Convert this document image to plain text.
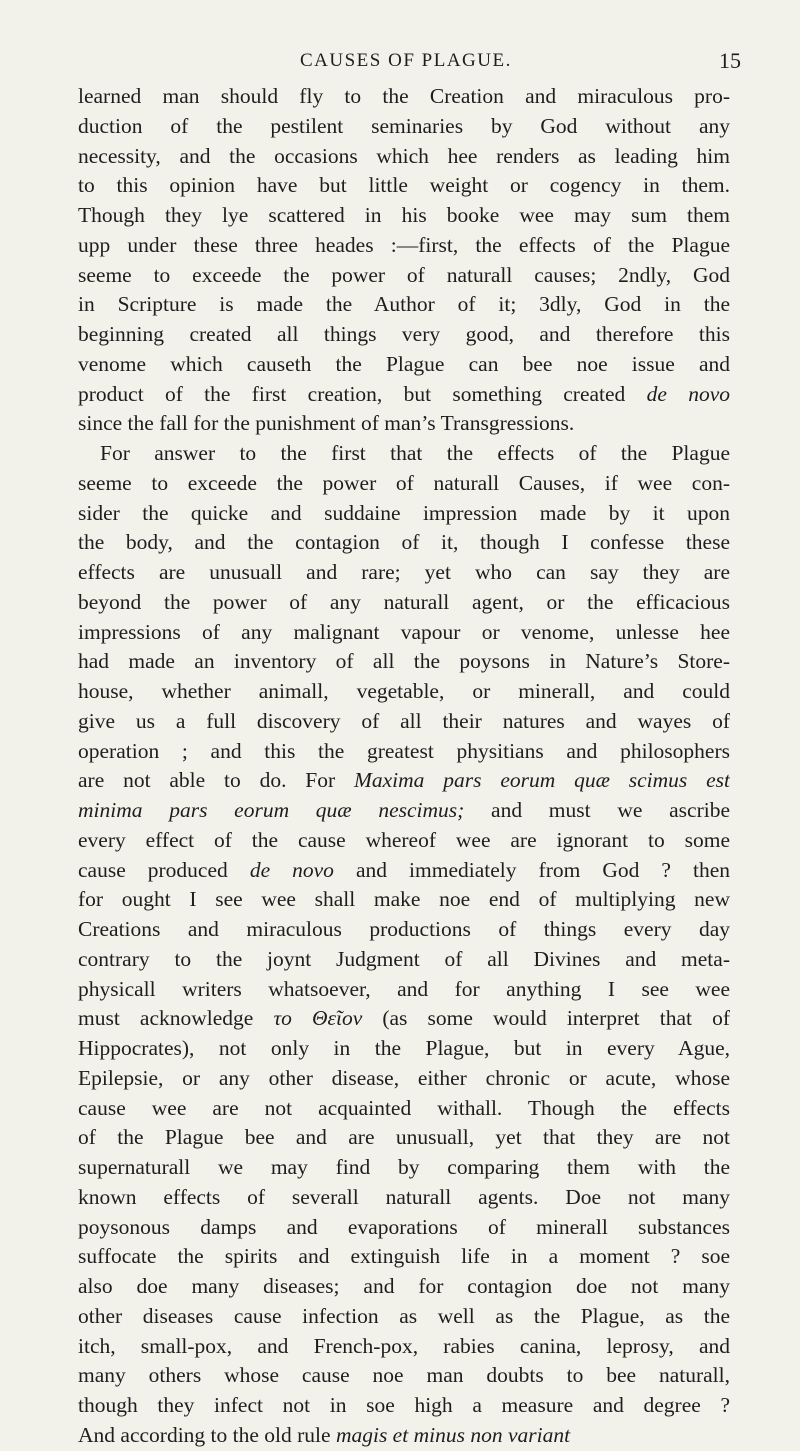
CAUSES OF PLAGUE.	15
learned man should fly to the Creation and miraculous pro-
duction of the pestilent seminaries by God without any
necessity, and the occasions which hee renders as leading him
to this opinion have but little weight or cogency in them.
Though they lye scattered in his booke wee may sum them
upp under these three heades :—first, the effects of the Plague
seeme to exceede the power of naturall causes; 2ndly, God
in Scripture is made the Author of it; 3dly, God in the
beginning created all things very good, and therefore this
venome which causeth the Plague can bee noe issue and
product of the first creation, but something created de novo
since the fall for the punishment of man’s Transgressions.
For answer to the first that the effects of the Plague
seeme to exceede the power of naturall Causes, if wee con-
sider the quicke and suddaine impression made by it upon
the body, and the contagion of it, though I confesse these
effects are unusuall and rare; yet who can say they are
beyond the power of any naturall agent, or the efficacious
impressions of any malignant vapour or venome, unlesse hee
had made an inventory of all the poysons in Nature’s Store-
house, whether animall, vegetable, or minerall, and could
give us a full discovery of all their natures and wayes of
operation ; and this the greatest physitians and philosophers
are not able to do. For Maxima pars eorum quæ scimus est
minima pars eorum quæ nescimus; and must we ascribe
every effect of the cause whereof wee are ignorant to some
cause produced de novo and immediately from God ? then
for ought I see wee shall make noe end of multiplying new
Creations and miraculous productions of things every day
contrary to the joynt Judgment of all Divines and meta-
physicall writers whatsoever, and for anything I see wee
must acknowledge το Θεῖον (as some would interpret that of
Hippocrates), not only in the Plague, but in every Ague,
Epilepsie, or any other disease, either chronic or acute, whose
cause wee are not acquainted withall. Though the effects
of the Plague bee and are unusuall, yet that they are not
supernaturall we may find by comparing them with the
known effects of severall naturall agents. Doe not many
poysonous damps and evaporations of minerall substances
suffocate the spirits and extinguish life in a moment ? soe
also doe many diseases; and for contagion doe not many
other diseases cause infection as well as the Plague, as the
itch, small-pox, and French-pox, rabies canina, leprosy, and
many others whose cause noe man doubts to bee naturall,
though they infect not in soe high a measure and degree ?
And according to the old rule magis et minus non variant
